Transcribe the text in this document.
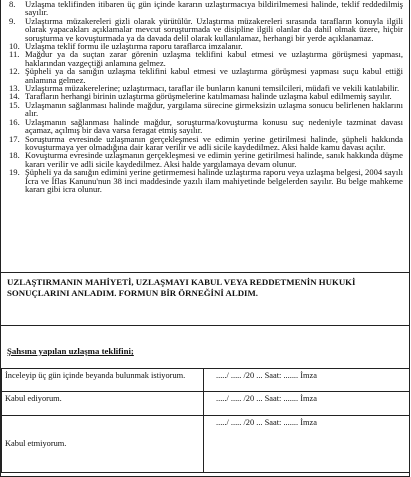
8. Uzlaşma teklifinden itibaren üç gün içinde kararın uzlaştırmacıya bildirilmemesi halinde, teklif reddedilmiş sayılır.

9. Uzlaştırma müzakereleri gizli olarak yürütülür. Uzlaştırma müzakereleri sırasında tarafların konuyla ilgili olarak yapacakları açıklamalar mevcut soruşturmada ve disipline ilgili olanlar da dahil olmak üzere, hiçbir soruşturma ve kovuşturmada ya da davada delil olarak kullanılamaz, herhangi bir yerde açıklanamaz.

10. Uzlaşma teklif formu ile uzlaştırma raporu taraflarca imzalanır.

11. Mağdur ya da suçtan zarar görenin uzlaşma teklifini kabul etmesi ve uzlaştırma görüşmesi yapması, haklarından vazgeçtiği anlamına gelmez.

12. Şüpheli ya da sanığın uzlaşma teklifini kabul etmesi ve uzlaştırma görüşmesi yapması suçu kabul ettiği anlamına gelmez.

13. Uzlaştırma müzakerelerine; uzlaştırmacı, taraflar ile bunların kanuni temsilcileri, müdafi ve vekili katılabilir.

14. Tarafların herhangi birinin uzlaştırma görüşmelerine katılmaması halinde uzlaşma kabul edilmemiş sayılır.

15. Uzlaşmanın sağlanması halinde mağdur, yargılama sürecine girmeksizin uzlaşma sonucu belirlenen haklarını alır.

16. Uzlaşmanın sağlanması halinde mağdur, soruşturma/kovuşturma konusu suç nedeniyle tazminat davası açamaz, açılmış bir dava varsa feragat etmiş sayılır.

17. Soruşturma evresinde uzlaşmanın gerçekleşmesi ve edimin yerine getirilmesi halinde, şüpheli hakkında kovuşturmaya yer olmadığına dair karar verilir ve adli sicile kaydedilmez. Aksi halde kamu davası açılır.

18. Kovuşturma evresinde uzlaşmanın gerçekleşmesi ve edimin yerine getirilmesi halinde, sanık hakkında düşme kararı verilir ve adli sicile kaydedilmez. Aksi halde yargılamaya devam olunur.

19. Şüpheli ya da sanığın edimini yerine getirmemesi halinde uzlaştırma raporu veya uzlaşma belgesi, 2004 sayılı İcra ve İflas Kanunu'nun 38 inci maddesinde yazılı ilam mahiyetinde belgelerden sayılır. Bu belge mahkeme kararı gibi icra olunur.

UZLAŞTIRMANIN MAHİYETİ, UZLAŞMAYI KABUL VEYA REDDETMENİN HUKUKİ SONUÇLARINI ANLADIM. FORMUN BİR ÖRNEĞİNİ ALDIM.
Şahsına yapılan uzlaşma teklifini;
İnceleyip üç gün içinde beyanda bulunmak istiyorum.	...../ ..... /20 ... Saat: ....... İmza
Kabul ediyorum.	...../ ..... /20 ... Saat: ....... İmza
Kabul etmiyorum.	...../ ..... /20 ... Saat: ....... İmza
